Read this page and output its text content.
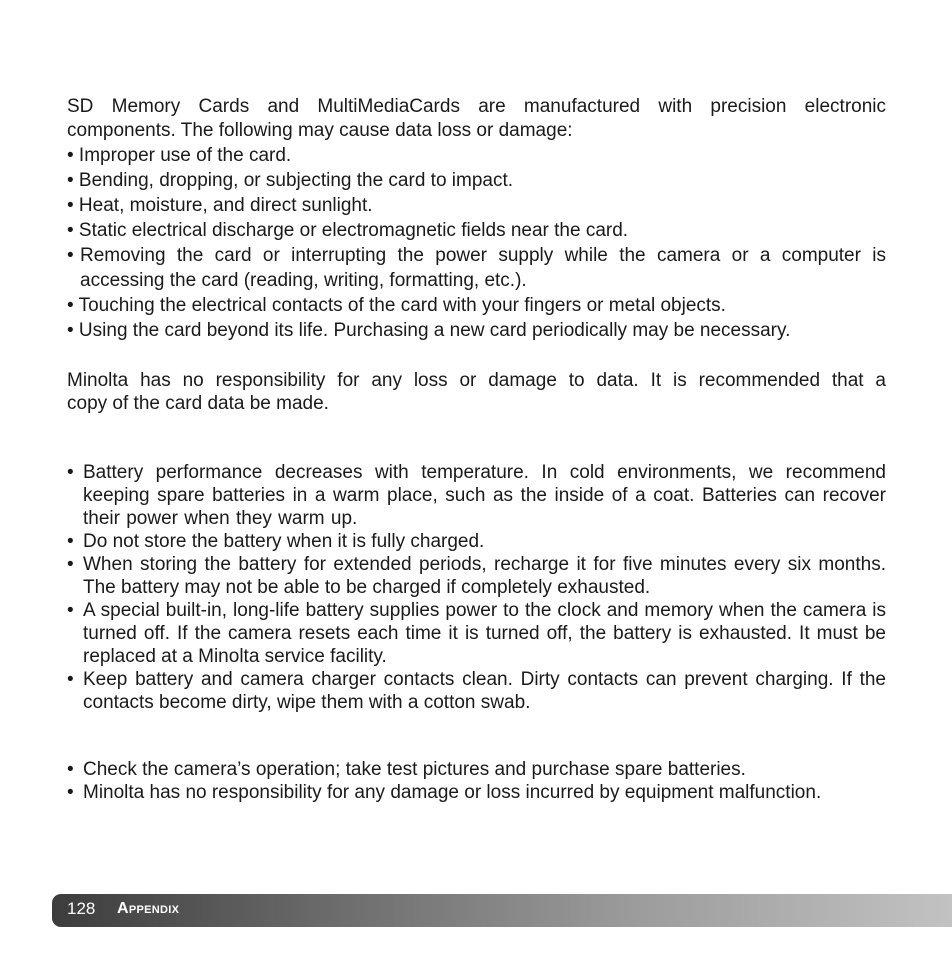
SD Memory Cards and MultiMediaCards are manufactured with precision electronic
components. The following may cause data loss or damage:
• Improper use of the card.
• Bending, dropping, or subjecting the card to impact.
• Heat, moisture, and direct sunlight.
• Static electrical discharge or electromagnetic fields near the card.
• Removing the card or interrupting the power supply while the camera or a computer is accessing the card (reading, writing, formatting, etc.).
• Touching the electrical contacts of the card with your fingers or metal objects.
• Using the card beyond its life. Purchasing a new card periodically may be necessary.
Minolta has no responsibility for any loss or damage to data. It is recommended that a
copy of the card data be made.
• Battery performance decreases with temperature. In cold environments, we recommend keeping spare batteries in a warm place, such as the inside of a coat. Batteries can recover their power when they warm up.
• Do not store the battery when it is fully charged.
• When storing the battery for extended periods, recharge it for five minutes every six months. The battery may not be able to be charged if completely exhausted.
• A special built-in, long-life battery supplies power to the clock and memory when the camera is turned off. If the camera resets each time it is turned off, the battery is exhausted. It must be replaced at a Minolta service facility.
• Keep battery and camera charger contacts clean. Dirty contacts can prevent charging. If the contacts become dirty, wipe them with a cotton swab.
• Check the camera’s operation; take test pictures and purchase spare batteries.
• Minolta has no responsibility for any damage or loss incurred by equipment malfunction.
128 Appendix
